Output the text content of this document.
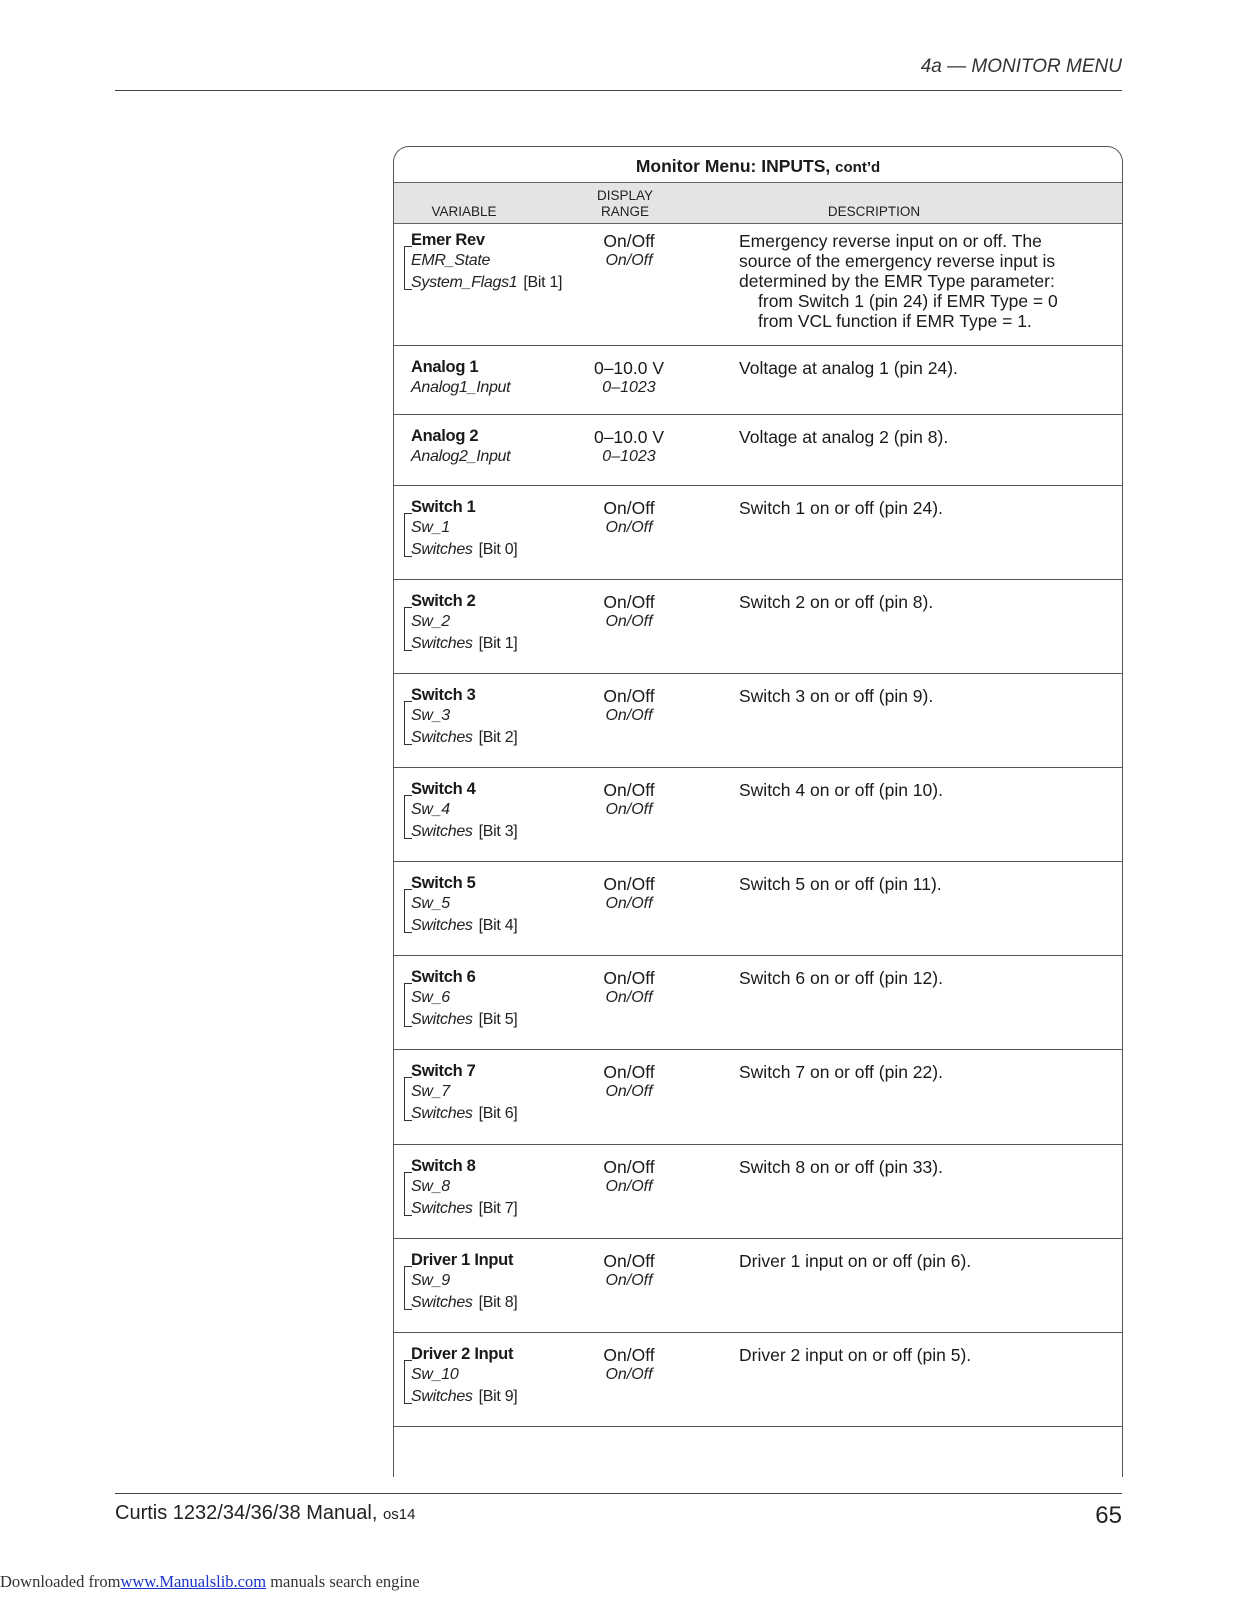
4a — MONITOR MENU
Monitor Menu: INPUTS, cont’d
VARIABLE
DISPLAY
RANGE	DESCRIPTION
Emer Rev
EMR_State
System_Flags1 [Bit 1]
On/Off
On/Off
Emergency reverse input on or off. The
source of the emergency reverse input is
determined by the EMR Type parameter:
from Switch 1 (pin 24) if EMR Type = 0
from VCL function if EMR Type = 1.
Analog 1
Analog1_Input
0–10.0 V
0–1023
Voltage at analog 1 (pin 24).
Analog 2
Analog2_Input
0–10.0 V
0–1023
Voltage at analog 2 (pin 8).
Switch 1
Sw_1
Switches [Bit 0]
On/Off
On/Off
Switch 1 on or off (pin 24).
Switch 2
Sw_2
Switches [Bit 1]
On/Off
On/Off
Switch 2 on or off (pin 8).
Switch 3
Sw_3
Switches [Bit 2]
On/Off
On/Off
Switch 3 on or off (pin 9).
Switch 4
Sw_4
Switches [Bit 3]
On/Off
On/Off
Switch 4 on or off (pin 10).
Switch 5
Sw_5
Switches [Bit 4]
On/Off
On/Off
Switch 5 on or off (pin 11).
Switch 6
Sw_6
Switches [Bit 5]
On/Off
On/Off
Switch 6 on or off (pin 12).
Switch 7
Sw_7
Switches [Bit 6]
On/Off
On/Off
Switch 7 on or off (pin 22).
Switch 8
Sw_8
Switches [Bit 7]
On/Off
On/Off
Switch 8 on or off (pin 33).
Driver 1 Input
Sw_9
Switches [Bit 8]
On/Off
On/Off
Driver 1 input on or off (pin 6).
Driver 2 Input
Sw_10
Switches [Bit 9]
On/Off
On/Off
Driver 2 input on or off (pin 5).
Curtis 1232/34/36/38 Manual, os14	65
Downloaded fromwww.Manualslib.com manuals search engine
